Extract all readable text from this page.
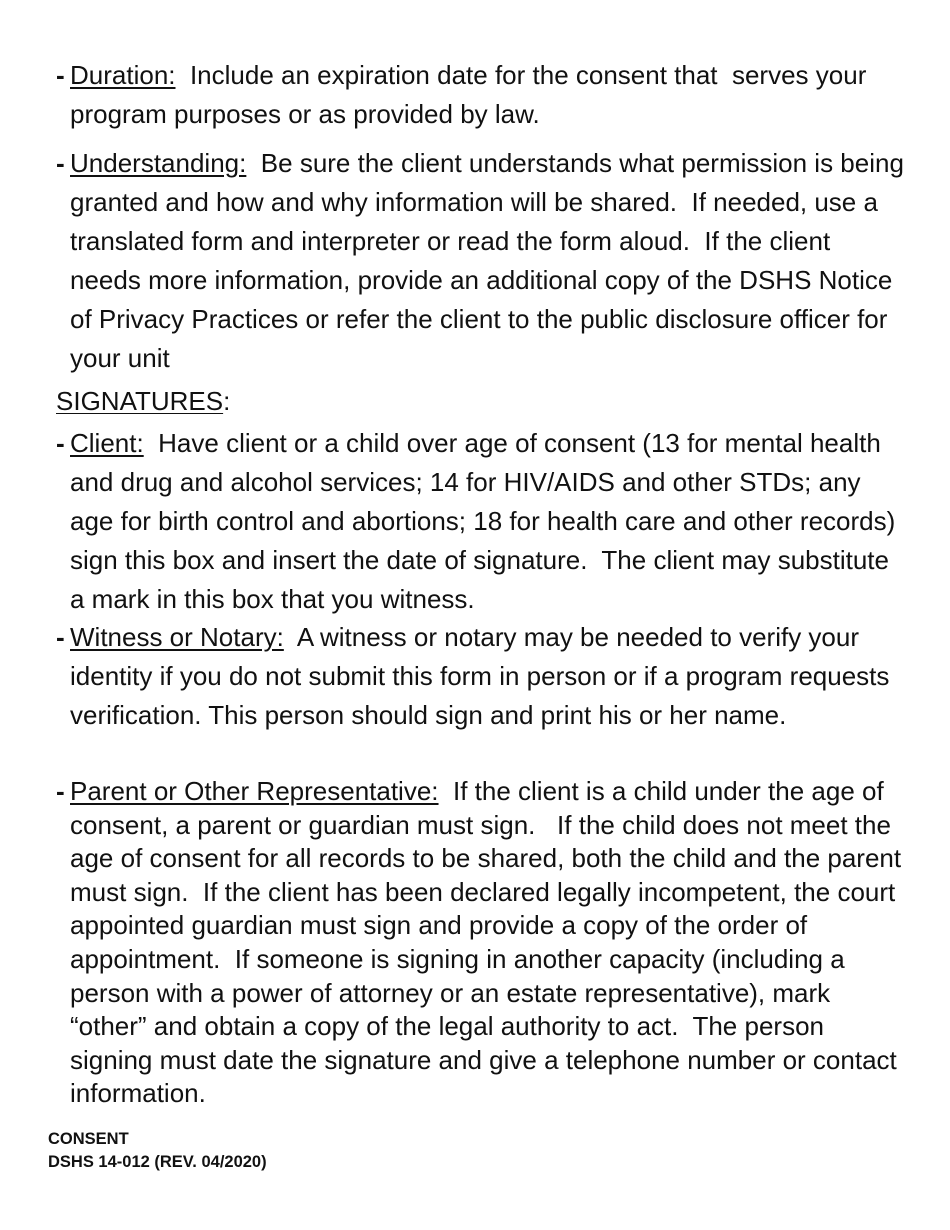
- Duration:  Include an expiration date for the consent that  serves your program purposes or as provided by law.
- Understanding:  Be sure the client understands what permission is being granted and how and why information will be shared.  If needed, use a translated form and interpreter or read the form aloud.  If the client needs more information, provide an additional copy of the DSHS Notice of Privacy Practices or refer the client to the public disclosure officer for your unit
SIGNATURES:
- Client:  Have client or a child over age of consent (13 for mental health and drug and alcohol services; 14 for HIV/AIDS and other STDs; any age for birth control and abortions; 18 for health care and other records) sign this box and insert the date of signature.  The client may substitute a mark in this box that you witness.
- Witness or Notary:  A witness or notary may be needed to verify your identity if you do not submit this form in person or if a program requests verification. This person should sign and print his or her name.
- Parent or Other Representative:  If the client is a child under the age of consent, a parent or guardian must sign.   If the child does not meet the age of consent for all records to be shared, both the child and the parent must sign.  If the client has been declared legally incompetent, the court appointed guardian must sign and provide a copy of the order of appointment.  If someone is signing in another capacity (including a person with a power of attorney or an estate representative), mark “other” and obtain a copy of the legal authority to act.  The person signing must date the signature and give a telephone number or contact information.
CONSENT
DSHS 14-012 (REV. 04/2020)
